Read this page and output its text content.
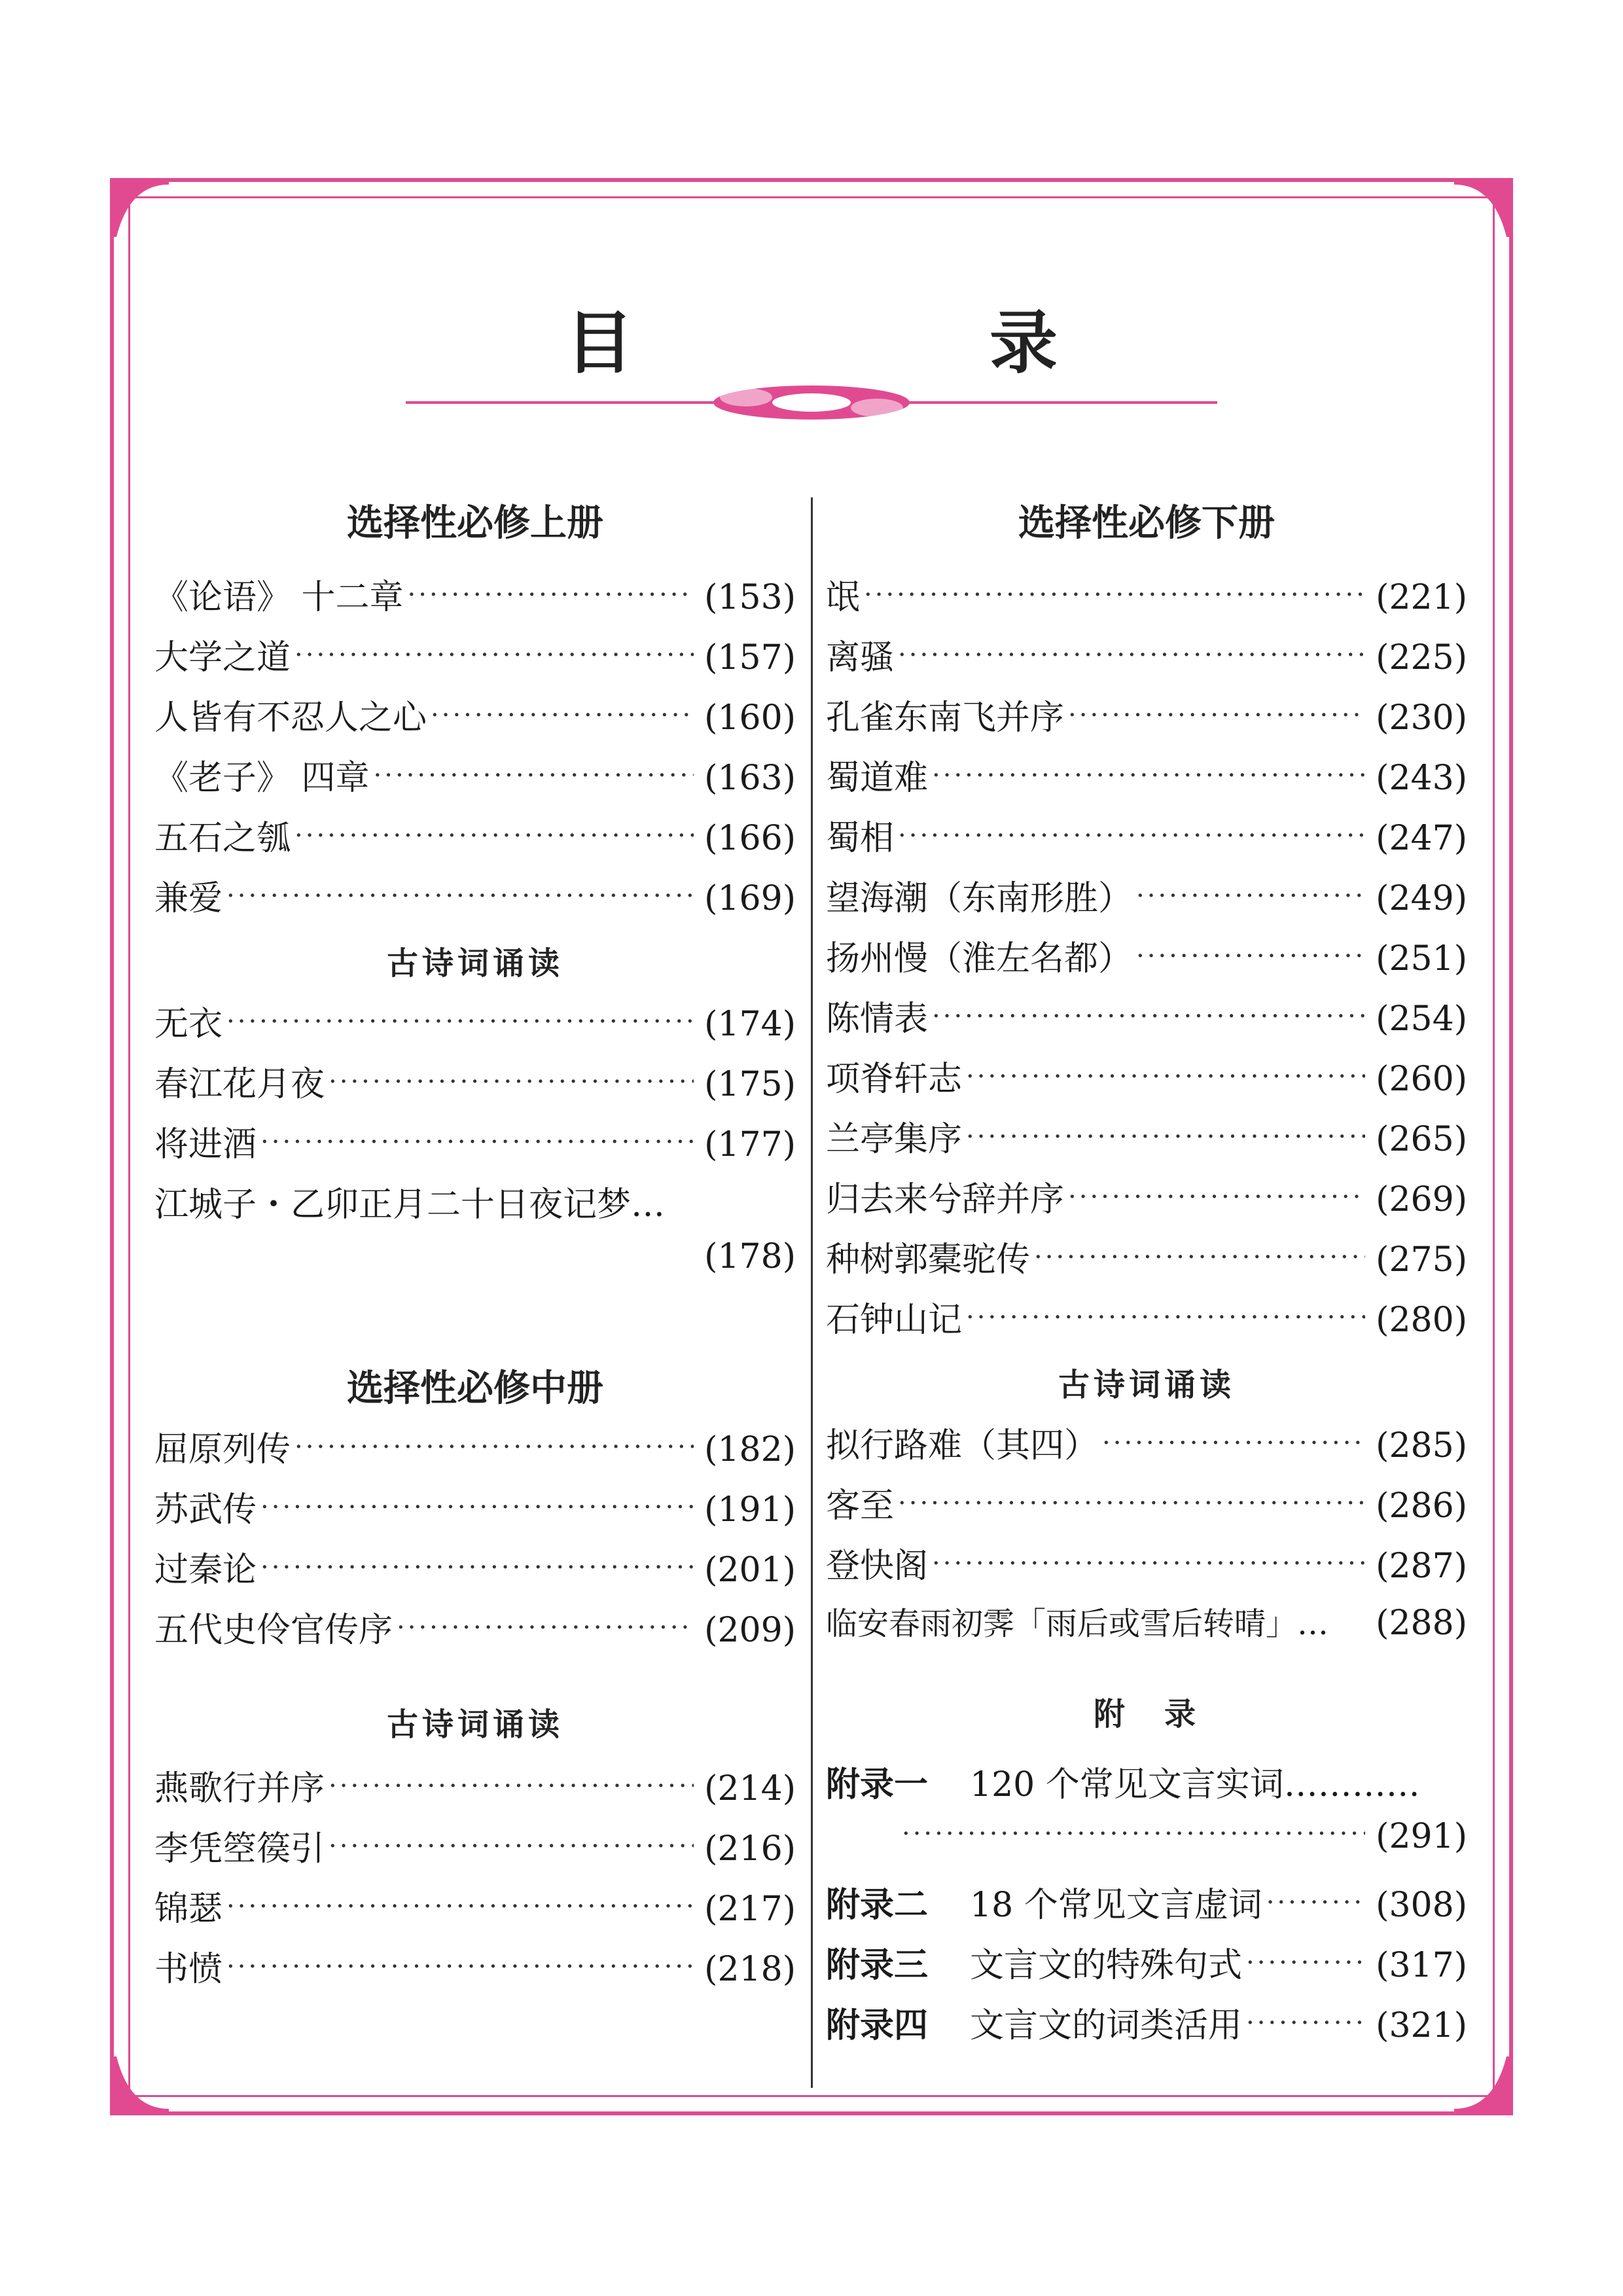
目　录
选择性必修上册
《论语》 十二章 ·····	(153)
大学之道 ·····	(157)
人皆有不忍人之心 ·····	(160)
《老子》 四章 ·····	(163)
五石之瓠 ·····	(166)
兼爱 ·····	(169)
古诗词诵读
无衣 ·····	(174)
春江花月夜 ·····	(175)
将进酒 ·····	(177)
江城子・乙卯正月二十日夜记梦…
(178)
选择性必修中册
屈原列传 ·····	(182)
苏武传 ·····	(191)
过秦论 ·····	(201)
五代史伶官传序 ·····	(209)
古诗词诵读
燕歌行并序 ·····	(214)
李凭箜篌引 ·····	(216)
锦瑟 ·····	(217)
书愤 ·····	(218)
选择性必修下册
氓 ·····	(221)
离骚 ·····	(225)
孔雀东南飞并序 ·····	(230)
蜀道难 ·····	(243)
蜀相 ·····	(247)
望海潮（东南形胜） ·····	(249)
扬州慢（淮左名都） ·····	(251)
陈情表 ·····	(254)
项脊轩志 ·····	(260)
兰亭集序 ·····	(265)
归去来兮辞并序 ·····	(269)
种树郭橐驼传 ·····	(275)
石钟山记 ·····	(280)
古诗词诵读
拟行路难（其四） ·····	(285)
客至 ·····	(286)
登快阁 ·····	(287)
临安春雨初霁「雨后或雪后转晴」… (288)
附　录
附录一	120 个常见文言实词…………
·····
(291)
附录二	18 个常见文言虚词 ·····	(308)
附录三	文言文的特殊句式 ·····	(317)
附录四	文言文的词类活用 ·····	(321)
